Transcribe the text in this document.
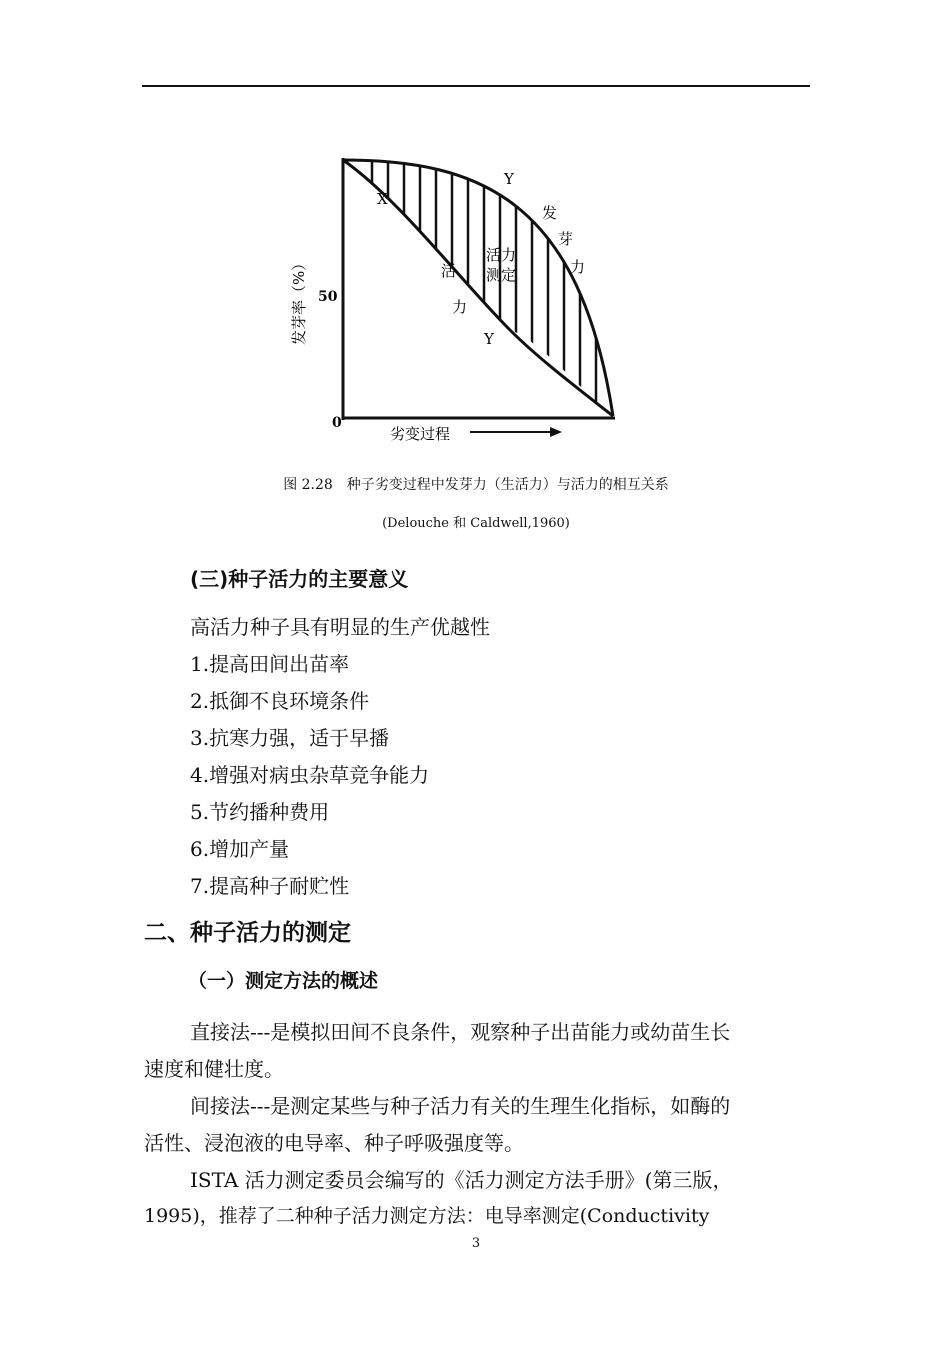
50
0
发芽率（%）
劣变过程
X
Y
Y
发
芽
力
活
力
活力
测定
图 2.28　种子劣变过程中发芽力（生活力）与活力的相互关系
(Delouche 和 Caldwell,1960)
(三)种子活力的主要意义
高活力种子具有明显的生产优越性
1.提高田间出苗率
2.抵御不良环境条件
3.抗寒力强，适于早播
4.增强对病虫杂草竞争能力
5.节约播种费用
6.增加产量
7.提高种子耐贮性
二、种子活力的测定
（一）测定方法的概述
直接法---是模拟田间不良条件，观察种子出苗能力或幼苗生长
速度和健壮度。
间接法---是测定某些与种子活力有关的生理生化指标，如酶的
活性、浸泡液的电导率、种子呼吸强度等。
ISTA 活力测定委员会编写的《活力测定方法手册》(第三版，
1995)，推荐了二种种子活力测定方法：电导率测定(Conductivity
3
